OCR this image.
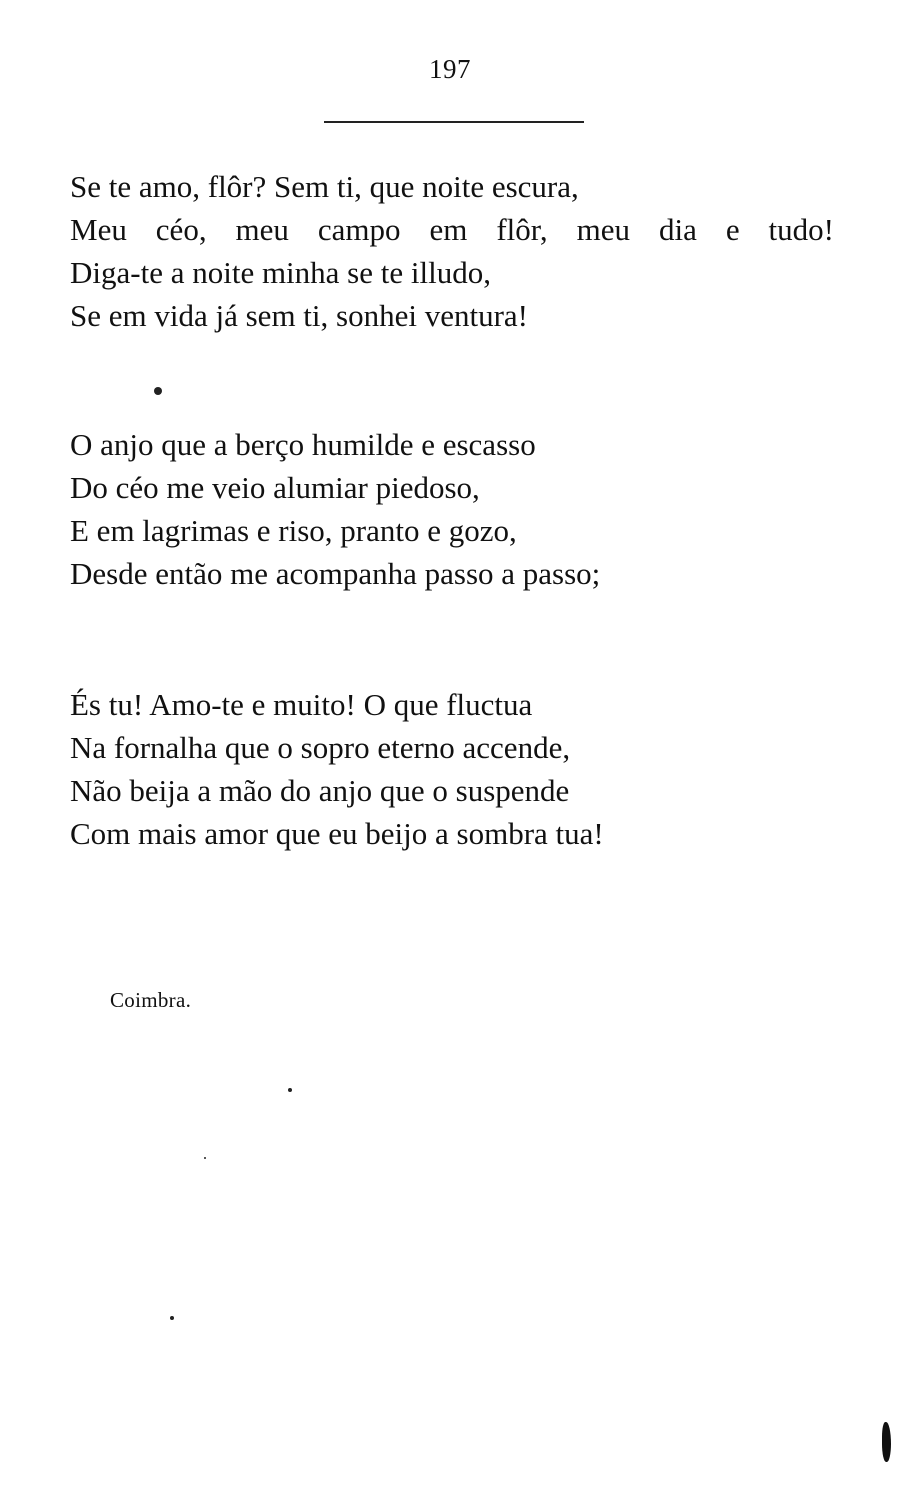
197
Se te amo, flôr? Sem ti, que noite escura,
Meu céo, meu campo em flôr, meu dia e tudo!
Diga-te a noite minha se te illudo,
Se em vida já sem ti, sonhei ventura!
O anjo que a berço humilde e escasso
Do céo me veio alumiar piedoso,
E em lagrimas e riso, pranto e gozo,
Desde então me acompanha passo a passo;
És tu! Amo-te e muito! O que fluctua
Na fornalha que o sopro eterno accende,
Não beija a mão do anjo que o suspende
Com mais amor que eu beijo a sombra tua!
Coimbra.
